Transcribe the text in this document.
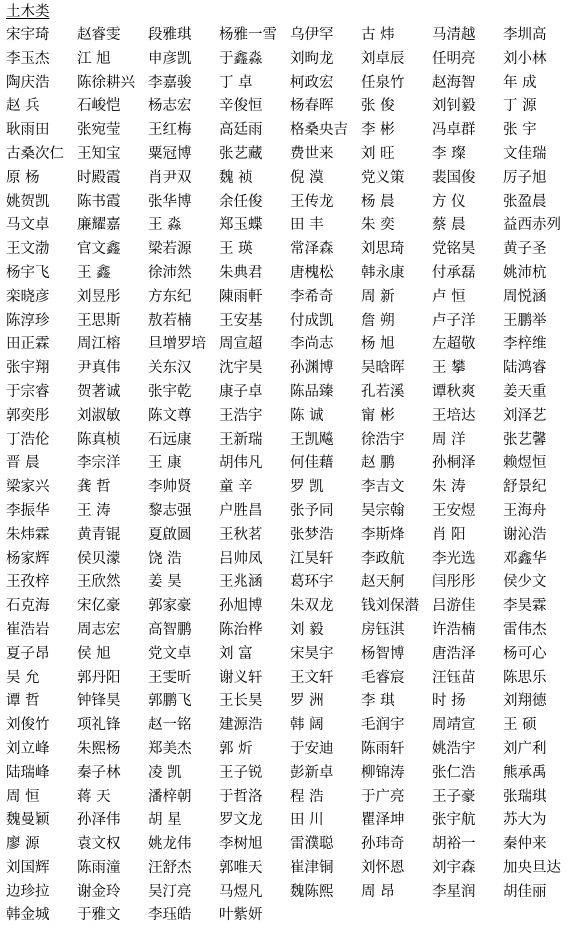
土木类
宋宇琦	赵睿雯	段雅琪	杨雅一雪 乌伊罕	古 炜	马清越	李圳高
李玉杰	江 旭	申彦凯	于鑫淼	刘昫龙	刘卓辰	任明亮	刘小林
陶庆浩	陈徐耕兴 李嘉骏	丁 卓	柯政宏	任泉竹	赵海智	年 成
赵 兵	石峻恺	杨志宏	辛俊恒	杨春晖	张 俊	刘钊毅	丁 源
耿雨田	张宛莹	王红梅	高廷雨	格桑央吉 李 彬	冯卓群	张 宇
古桑次仁 王知宝	粟冠博	张艺藏	费世来	刘 旺	李 璨	文佳瑞
原 杨	时殿霞	肖尹双	魏 祯	倪 漠	党义策	裴国俊	厉子旭
姚贺凯	陈书霞	张华博	余任俊	王传龙	杨 晨	方 仪	张盈晨
马文卓	廉耀嘉	王 淼	郑玉蝶	田 丰	朱 奕	蔡 晨	益西赤列
王文渤	官文鑫	梁若源	王 瑛	常泽森	刘思琦	党铭昊	黄子圣
杨宇飞	王 鑫	徐沛然	朱典君	唐槐松	韩永康	付承磊	姚沛杭
栾晓彦	刘昱彤	方东纪	陳雨軒	李希奇	周 新	卢 恒	周悦涵
陈淳珍	王思斯	敖若楠	王安基	付成凯	詹 朔	卢子洋	王鹏举
田正霖	周江榕	旦增罗培 周宣超	李尚志	杨 旭	左超敬	李梓维
张宇翔	尹真伟	关东汉	沈宇昊	孙渊博	吴晗晖	王 攀	陆鸿睿
于宗睿	贺著诚	张宇乾	康子卓	陈品臻	孔若溪	谭秋爽	姜天重
郭奕彤	刘淑敏	陈文尊	王浩宇	陈 诚	甯 彬	王培达	刘泽艺
丁浩伦	陈真桢	石远康	王新瑞	王凯飚	徐浩宇	周 洋	张艺馨
晋 晨	李宗洋	王 康	胡伟凡	何佳藉	赵 鹏	孙桐泽	赖煜恒
梁家兴	龚 哲	李帅贤	童 辛	罗 凯	李吉文	朱 涛	舒景纪
李振华	王 涛	黎志强	户胜昌	张予同	吴宗翰	王安煜	王海舟
朱炜霖	黄青锟	夏啟圆	王秋茗	张梦浩	李斯烽	肖 阳	谢沁浩
杨家辉	侯贝濛	饶 浩	吕帅凤	江昊轩	李政航	李光选	邓鑫华
王孜梓	王欣然	姜 昊	王兆涵	葛环宇	赵天舸	闫彤彤	侯少文
石克海	宋亿豪	郭家豪	孙旭博	朱双龙	钱刘保潜 吕游佳	李昊霖
崔浩岩	周志宏	高智鹏	陈治桦	刘 毅	房钰淇	许浩楠	雷伟杰
夏子昂	侯 旭	党文卓	刘 富	宋昊宇	杨智博	唐浩泽	杨可心
吴 允	郭丹阳	王雯昕	谢义轩	王文轩	毛睿宸	汪钰苗	陈思乐
谭 哲	钟锋昊	郭鹏飞	王长昊	罗 洲	李 琪	时 扬	刘翔德
刘俊竹	项礼锋	赵一铭	建源浩	韩 阔	毛润宇	周靖宣	王 硕
刘立峰	朱熙杨	郑美杰	郭 炘	于安迪	陈雨轩	姚浩宇	刘广利
陆瑞峰	秦子林	凌 凯	王子锐	彭新卓	柳锦涛	张仁浩	熊承禹
周 恒	蒋 天	潘梓朝	于哲洛	程 浩	于广亮	王子豪	张瑞琪
魏曼颖	孙泽伟	胡 星	罗文龙	田 川	瞿泽坤	张宇航	苏大为
廖 源	袁文权	姚龙伟	李树旭	雷濮聪	孙玮奇	胡裕一	秦仲来
刘国辉	陈雨潼	汪舒杰	郭唯天	崔津铜	刘怀恩	刘宇森	加央旦达
边珍拉	谢金玲	吴汀亮	马煜凡	魏陈熙	周 昂	李星润	胡佳丽
韩金城	于雅文	李珏皓	叶紫妍
